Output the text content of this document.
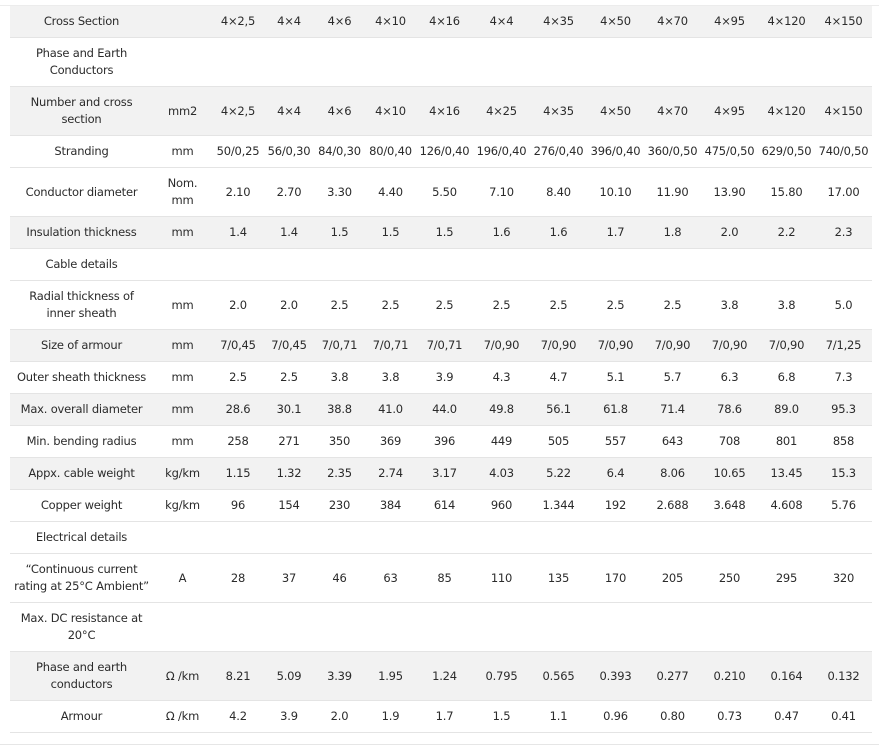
Cross Section		4×2,5	4×4	4×6	4×10	4×16	4×4	4×35	4×50	4×70	4×95	4×120	4×150
Phase and Earth Conductors													
Number and cross section	mm2	4×2,5	4×4	4×6	4×10	4×16	4×25	4×35	4×50	4×70	4×95	4×120	4×150
Stranding	mm	50/0,25	56/0,30	84/0,30	80/0,40	126/0,40	196/0,40	276/0,40	396/0,40	360/0,50	475/0,50	629/0,50	740/0,50
Conductor diameter	Nom. mm	2.10	2.70	3.30	4.40	5.50	7.10	8.40	10.10	11.90	13.90	15.80	17.00
Insulation thickness	mm	1.4	1.4	1.5	1.5	1.5	1.6	1.6	1.7	1.8	2.0	2.2	2.3
Cable details													
Radial thickness of inner sheath	mm	2.0	2.0	2.5	2.5	2.5	2.5	2.5	2.5	2.5	3.8	3.8	5.0
Size of armour	mm	7/0,45	7/0,45	7/0,71	7/0,71	7/0,71	7/0,90	7/0,90	7/0,90	7/0,90	7/0,90	7/0,90	7/1,25
Outer sheath thickness	mm	2.5	2.5	3.8	3.8	3.9	4.3	4.7	5.1	5.7	6.3	6.8	7.3
Max. overall diameter	mm	28.6	30.1	38.8	41.0	44.0	49.8	56.1	61.8	71.4	78.6	89.0	95.3
Min. bending radius	mm	258	271	350	369	396	449	505	557	643	708	801	858
Appx. cable weight	kg/km	1.15	1.32	2.35	2.74	3.17	4.03	5.22	6.4	8.06	10.65	13.45	15.3
Copper weight	kg/km	96	154	230	384	614	960	1.344	192	2.688	3.648	4.608	5.76
Electrical details													
“Continuous current rating at 25°C Ambient”	A	28	37	46	63	85	110	135	170	205	250	295	320
Max. DC resistance at 20°C													
Phase and earth conductors	Ω /km	8.21	5.09	3.39	1.95	1.24	0.795	0.565	0.393	0.277	0.210	0.164	0.132
Armour	Ω /km	4.2	3.9	2.0	1.9	1.7	1.5	1.1	0.96	0.80	0.73	0.47	0.41
